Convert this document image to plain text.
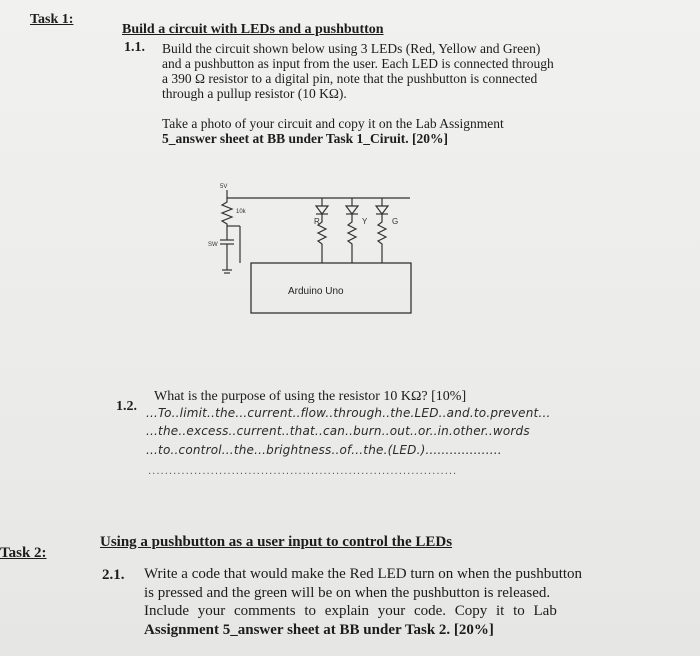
Task 1:
Build a circuit with LEDs and a pushbutton
1.1. Build the circuit shown below using 3 LEDs (Red, Yellow and Green)
and a pushbutton as input from the user. Each LED is connected through
a 390 Ω resistor to a digital pin, note that the pushbutton is connected
through a pullup resistor (10 KΩ).
Take a photo of your circuit and copy it on the Lab Assignment
5_answer sheet at BB under Task 1_Ciruit. [20%]
5V
10k
SW
R	Y	G
Arduino Uno
1.2.
What is the purpose of using the resistor 10 KΩ? [10%]
...To..limit..the...current..flow..through..the.LED..and.to.prevent...
...the..excess..current..that..can..burn..out..or..in.other..words
...to..control...the...brightness..of...the.(LED.)...................
..........................................................................
Task 2:
Using a pushbutton as a user input to control the LEDs
2.1. Write a code that would make the Red LED turn on when the pushbutton
is pressed and the green will be on when the pushbutton is released.
Include your comments to explain your code. Copy it to Lab
Assignment 5_answer sheet at BB under Task 2. [20%]
